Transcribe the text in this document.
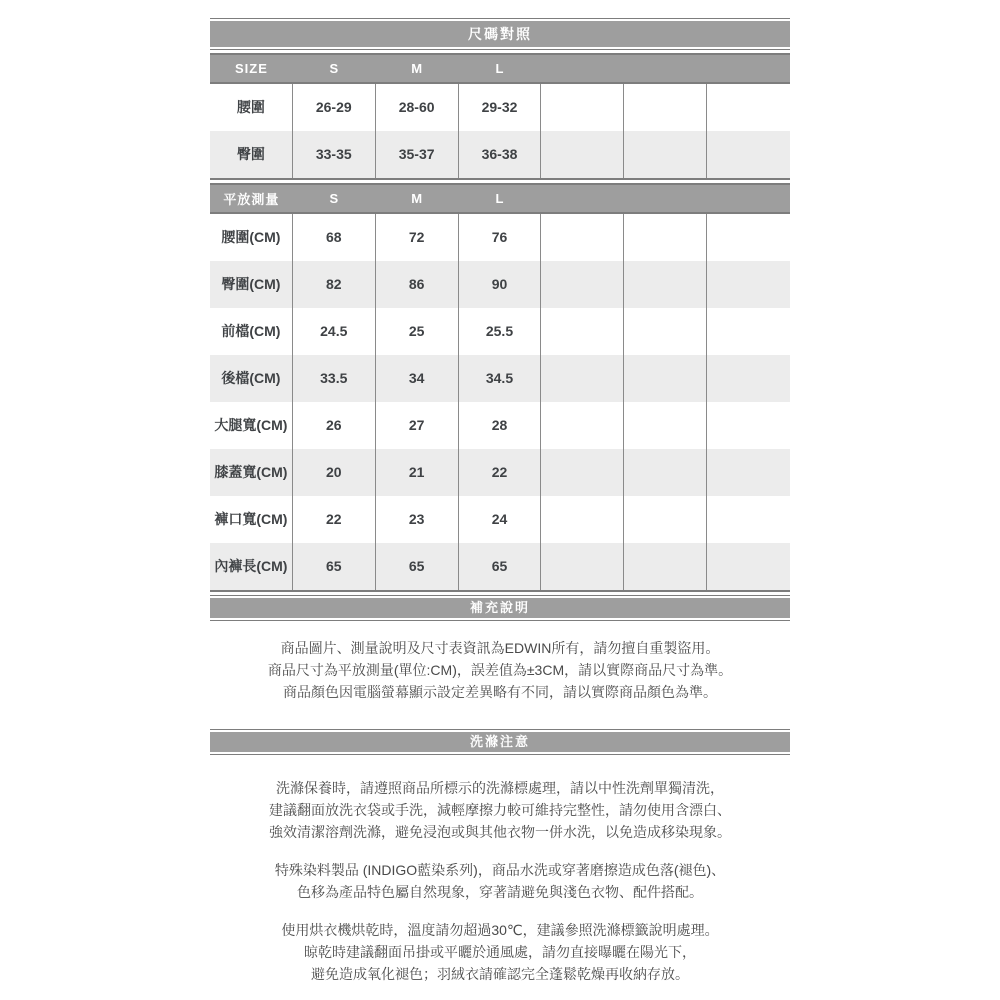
尺碼對照
SIZE	S	M	L
腰圍	26-29	28-60	29-32
臀圍	33-35	35-37	36-38
平放測量	S	M	L
腰圍(CM)	68	72	76
臀圍(CM)	82	86	90
前檔(CM)	24.5	25	25.5
後檔(CM)	33.5	34	34.5
大腿寬(CM)	26	27	28
膝蓋寬(CM)	20	21	22
褲口寬(CM)	22	23	24
內褲長(CM)	65	65	65
補充說明
商品圖片、測量說明及尺寸表資訊為EDWIN所有，請勿擅自重製盜用。
商品尺寸為平放測量(單位:CM)，誤差值為±3CM，請以實際商品尺寸為準。
商品顏色因電腦螢幕顯示設定差異略有不同，請以實際商品顏色為準。
洗滌注意

洗滌保養時，請遵照商品所標示的洗滌標處理，請以中性洗劑單獨清洗，
建議翻面放洗衣袋或手洗，減輕摩擦力較可維持完整性，請勿使用含漂白、
強效清潔溶劑洗滌，避免浸泡或與其他衣物一併水洗，以免造成移染現象。

特殊染料製品 (INDIGO藍染系列)，商品水洗或穿著磨擦造成色落(褪色)、
色移為產品特色屬自然現象，穿著請避免與淺色衣物、配件搭配。

使用烘衣機烘乾時，溫度請勿超過30℃，建議參照洗滌標籤說明處理。
晾乾時建議翻面吊掛或平曬於通風處，請勿直接曝曬在陽光下，
避免造成氧化褪色；羽絨衣請確認完全蓬鬆乾燥再收納存放。
